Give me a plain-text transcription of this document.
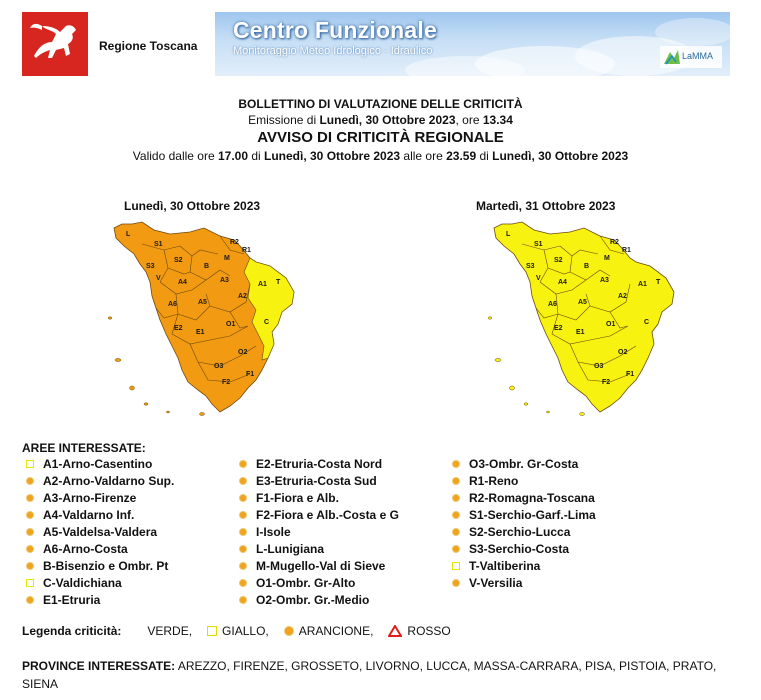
Regione Toscana
Centro Funzionale
Monitoraggio Meteo Idrologico - Idraulico	LaMMA
BOLLETTINO DI VALUTAZIONE DELLE CRITICITÀ
Emissione di Lunedì, 30 Ottobre 2023, ore 13.34
AVVISO DI CRITICITÀ REGIONALE
Valido dalle ore 17.00 di Lunedì, 30 Ottobre 2023 alle ore 23.59 di Lunedì, 30 Ottobre 2023
Lunedì, 30 Ottobre 2023	Martedì, 31 Ottobre 2023
L
S1	R2
R1
S3
S2
B
M
A4	A3
V
A1 T
A5
A2
A6
C
E2
O1
E1
O2
O3
F2
F1
L
S1	R2
R1
S3
S2
B
M
A4	A3
V
A1 T
A5
A2
A6
C
E2
O1
E1
O2
O3
F2
F1
AREE INTERESSATE:
A1-Arno-Casentino
A2-Arno-Valdarno Sup.
A3-Arno-Firenze
A4-Valdarno Inf.
A5-Valdelsa-Valdera
A6-Arno-Costa
B-Bisenzio e Ombr. Pt
C-Valdichiana
E1-Etruria
E2-Etruria-Costa Nord
E3-Etruria-Costa Sud
F1-Fiora e Alb.
F2-Fiora e Alb.-Costa e G
I-Isole
L-Lunigiana
M-Mugello-Val di Sieve
O1-Ombr. Gr-Alto
O2-Ombr. Gr.-Medio
O3-Ombr. Gr-Costa
R1-Reno
R2-Romagna-Toscana
S1-Serchio-Garf.-Lima
S2-Serchio-Lucca
S3-Serchio-Costa
T-Valtiberina
V-Versilia
Legenda criticità: VERDE,	GIALLO,	ARANCIONE,	ROSSO
PROVINCE INTERESSATE: AREZZO, FIRENZE, GROSSETO, LIVORNO, LUCCA, MASSA-CARRARA, PISA, PISTOIA, PRATO, SIENA
